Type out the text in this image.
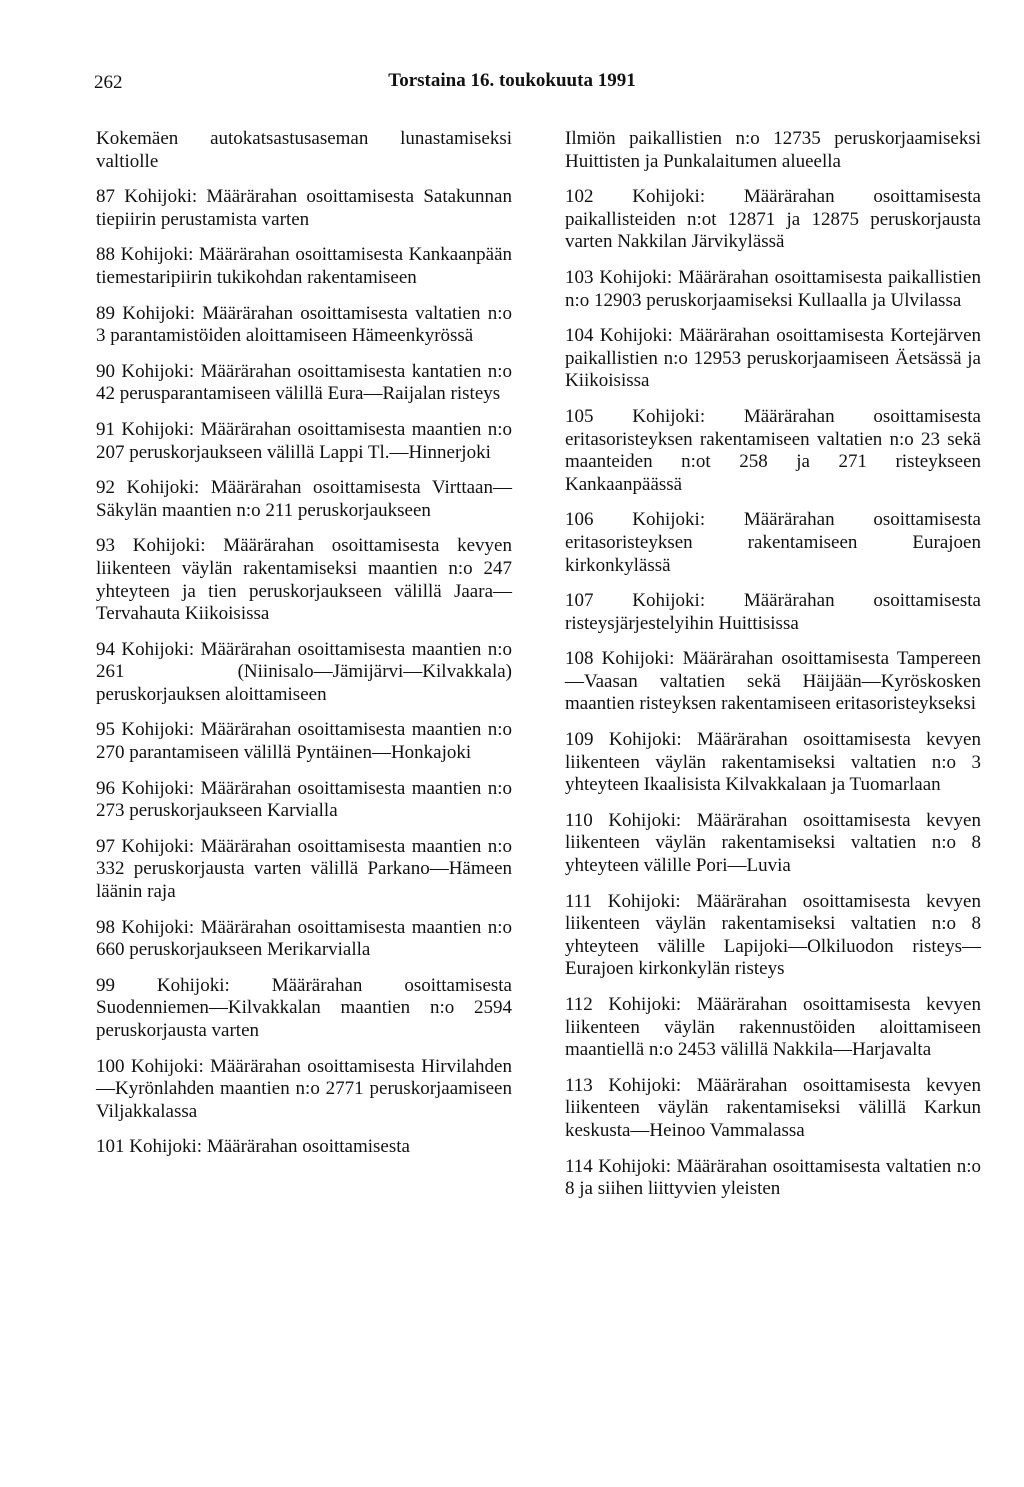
262	Torstaina 16. toukokuuta 1991

Kokemäen autokatsastusaseman lunastamiseksi valtiolle

87 Kohijoki: Määrärahan osoittamisesta Satakunnan tiepiirin perustamista varten

88 Kohijoki: Määrärahan osoittamisesta Kankaanpään tiemestaripiirin tukikohdan rakentamiseen

89 Kohijoki: Määrärahan osoittamisesta valtatien n:o 3 parantamistöiden aloittamiseen Hämeenkyrössä

90 Kohijoki: Määrärahan osoittamisesta kantatien n:o 42 perusparantamiseen välillä Eura—Raijalan risteys

91 Kohijoki: Määrärahan osoittamisesta maantien n:o 207 peruskorjaukseen välillä Lappi Tl.—Hinnerjoki

92 Kohijoki: Määrärahan osoittamisesta Virttaan—Säkylän maantien n:o 211 peruskorjaukseen

93 Kohijoki: Määrärahan osoittamisesta kevyen liikenteen väylän rakentamiseksi maantien n:o 247 yhteyteen ja tien peruskorjaukseen välillä Jaara—Tervahauta Kiikoisissa

94 Kohijoki: Määrärahan osoittamisesta maantien n:o 261 (Niinisalo—Jämijärvi—Kilvakkala) peruskorjauksen aloittamiseen

95 Kohijoki: Määrärahan osoittamisesta maantien n:o 270 parantamiseen välillä Pyntäinen—Honkajoki

96 Kohijoki: Määrärahan osoittamisesta maantien n:o 273 peruskorjaukseen Karvialla

97 Kohijoki: Määrärahan osoittamisesta maantien n:o 332 peruskorjausta varten välillä Parkano—Hämeen läänin raja

98 Kohijoki: Määrärahan osoittamisesta maantien n:o 660 peruskorjaukseen Merikarvialla

99 Kohijoki: Määrärahan osoittamisesta Suodenniemen—Kilvakkalan maantien n:o 2594 peruskorjausta varten

100 Kohijoki: Määrärahan osoittamisesta Hirvilahden—Kyrönlahden maantien n:o 2771 peruskorjaamiseen Viljakkalassa

101 Kohijoki: Määrärahan osoittamisesta

Ilmiön paikallistien n:o 12735 peruskorjaamiseksi Huittisten ja Punkalaitumen alueella

102 Kohijoki: Määrärahan osoittamisesta paikallisteiden n:ot 12871 ja 12875 peruskorjausta varten Nakkilan Järvikylässä

103 Kohijoki: Määrärahan osoittamisesta paikallistien n:o 12903 peruskorjaamiseksi Kullaalla ja Ulvilassa

104 Kohijoki: Määrärahan osoittamisesta Kortejärven paikallistien n:o 12953 peruskorjaamiseen Äetsässä ja Kiikoisissa

105 Kohijoki: Määrärahan osoittamisesta eritasoristeyksen rakentamiseen valtatien n:o 23 sekä maanteiden n:ot 258 ja 271 risteykseen Kankaanpäässä

106 Kohijoki: Määrärahan osoittamisesta eritasoristeyksen rakentamiseen Eurajoen kirkonkylässä

107 Kohijoki: Määrärahan osoittamisesta risteysjärjestelyihin Huittisissa

108 Kohijoki: Määrärahan osoittamisesta Tampereen—Vaasan valtatien sekä Häijään—Kyröskosken maantien risteyksen rakentamiseen eritasoristeykseksi

109 Kohijoki: Määrärahan osoittamisesta kevyen liikenteen väylän rakentamiseksi valtatien n:o 3 yhteyteen Ikaalisista Kilvakkalaan ja Tuomarlaan

110 Kohijoki: Määrärahan osoittamisesta kevyen liikenteen väylän rakentamiseksi valtatien n:o 8 yhteyteen välille Pori—Luvia

111 Kohijoki: Määrärahan osoittamisesta kevyen liikenteen väylän rakentamiseksi valtatien n:o 8 yhteyteen välille Lapijoki—Olkiluodon risteys—Eurajoen kirkonkylän risteys

112 Kohijoki: Määrärahan osoittamisesta kevyen liikenteen väylän rakennustöiden aloittamiseen maantiellä n:o 2453 välillä Nakkila—Harjavalta

113 Kohijoki: Määrärahan osoittamisesta kevyen liikenteen väylän rakentamiseksi välillä Karkun keskusta—Heinoo Vammalassa

114 Kohijoki: Määrärahan osoittamisesta valtatien n:o 8 ja siihen liittyvien yleisten
